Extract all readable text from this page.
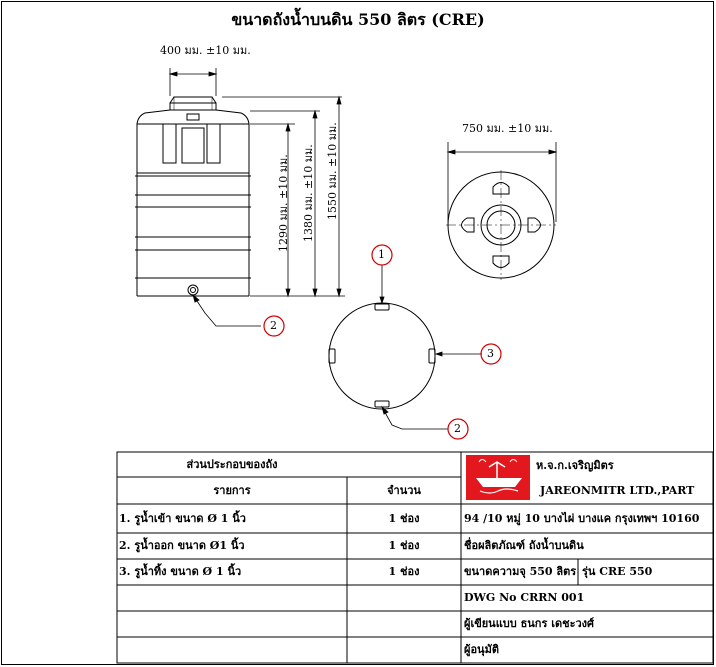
ขนาดถังน้ำบนดิน 550 ลิตร (CRE)
400 มม. ±10 มม.
750 มม. ±10 มม.
1290 มม. ±10 มม. 1380 มม. ±10 มม. 1550 มม. ±10 มม.
1
2
3
2
ส่วนประกอบของถัง
รายการ	จำนวน
1. รูน้ำเข้า ขนาด Ø 1 นิ้ว	1 ช่อง
2. รูน้ำออก ขนาด Ø1 นิ้ว	1 ช่อง
3. รูน้ำทิ้ง ขนาด Ø 1 นิ้ว	1 ช่อง
ห.จ.ก.เจริญมิตร
JAREONMITR LTD.,PART
94 /10 หมู่ 10 บางไผ่ บางแค กรุงเทพฯ 10160
ชื่อผลิตภัณฑ์ ถังน้ำบนดิน
ขนาดความจุ 550 ลิตร รุ่น CRE 550
DWG No CRRN 001
ผู้เขียนแบบ ธนกร เดชะวงศ์
ผู้อนุมัติ
